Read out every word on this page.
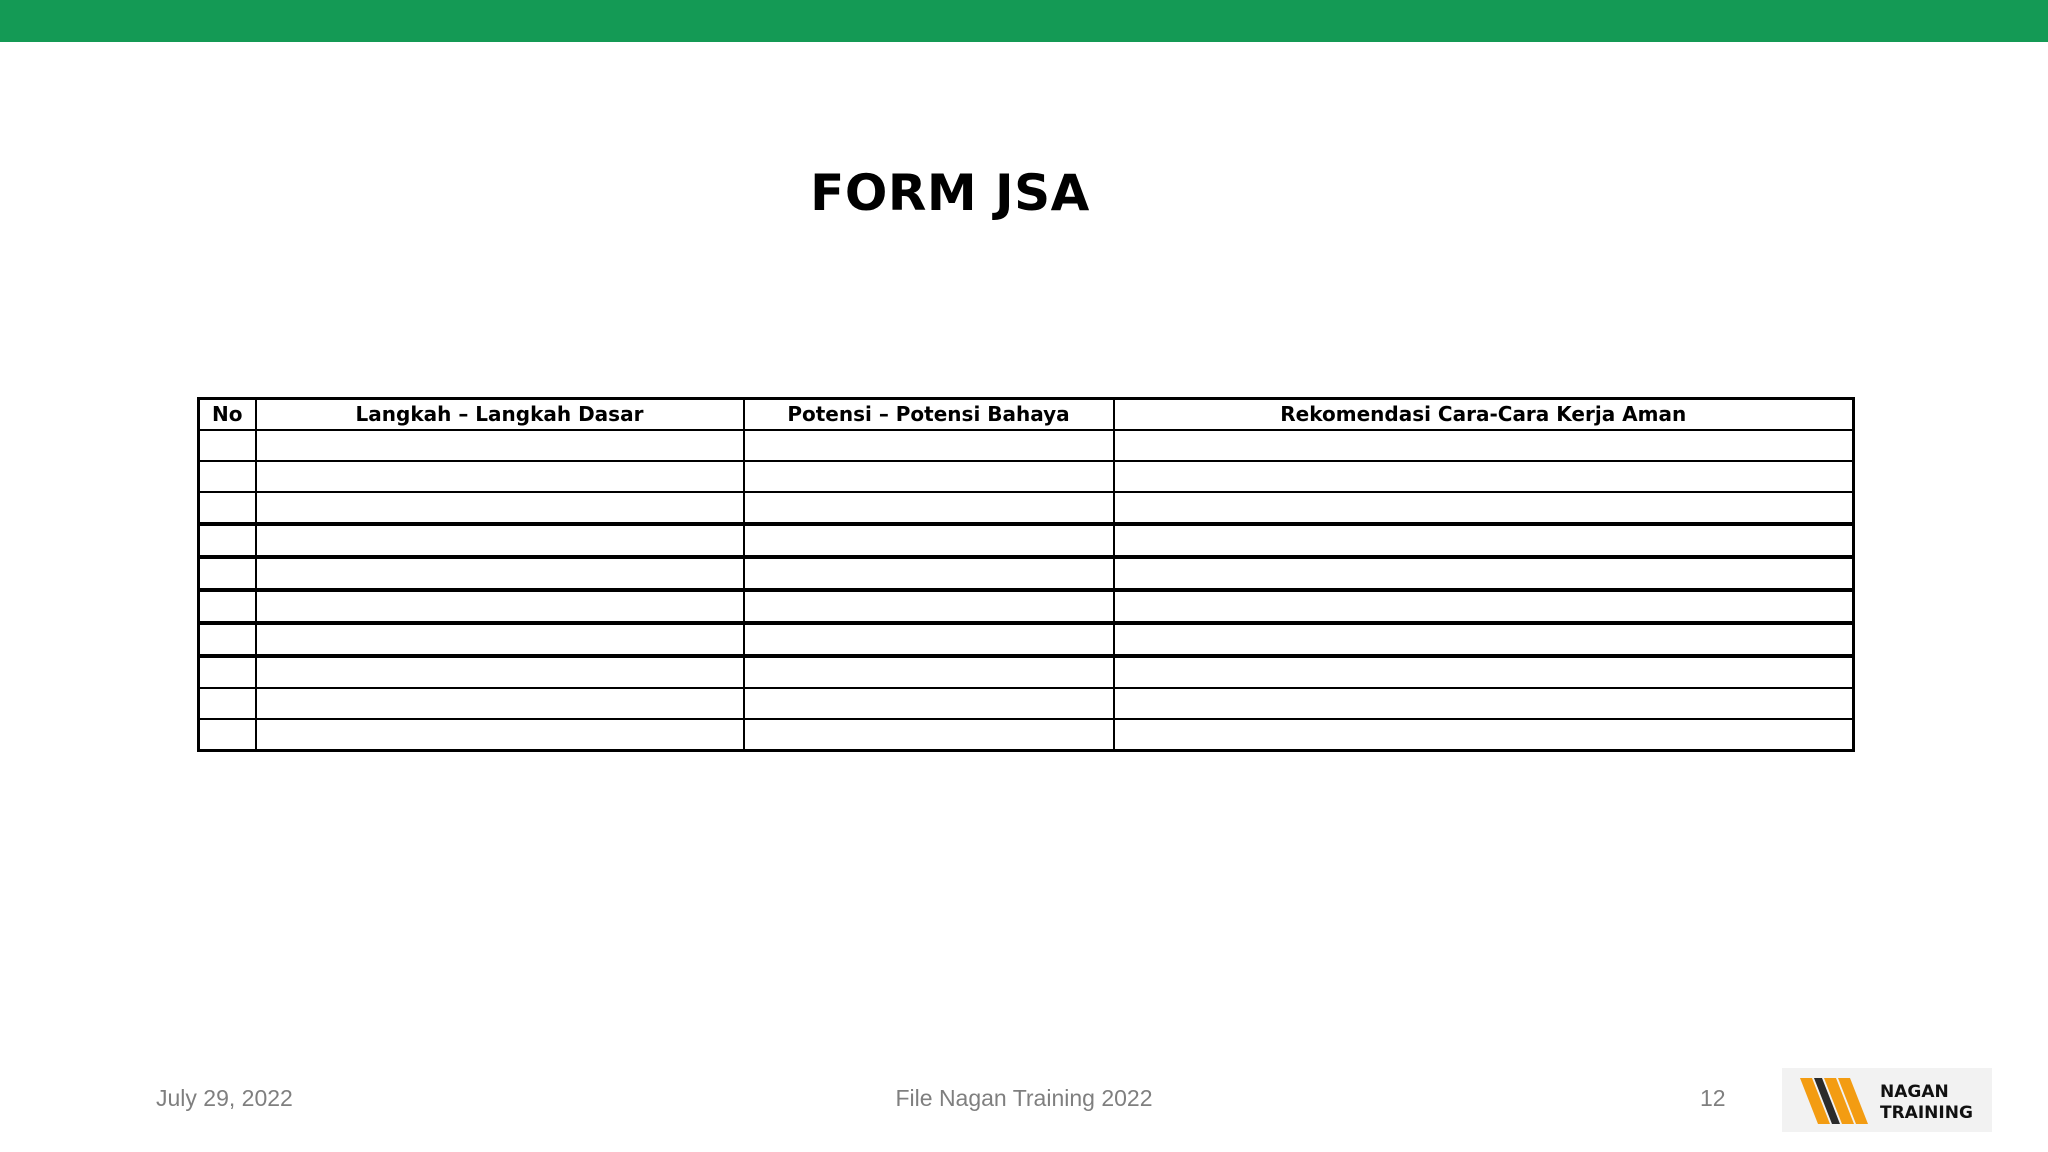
FORM JSA
No	Langkah – Langkah Dasar	Potensi – Potensi Bahaya	Rekomendasi Cara-Cara Kerja Aman

July 29, 2022	File Nagan Training 2022	12	NAGAN
TRAINING
